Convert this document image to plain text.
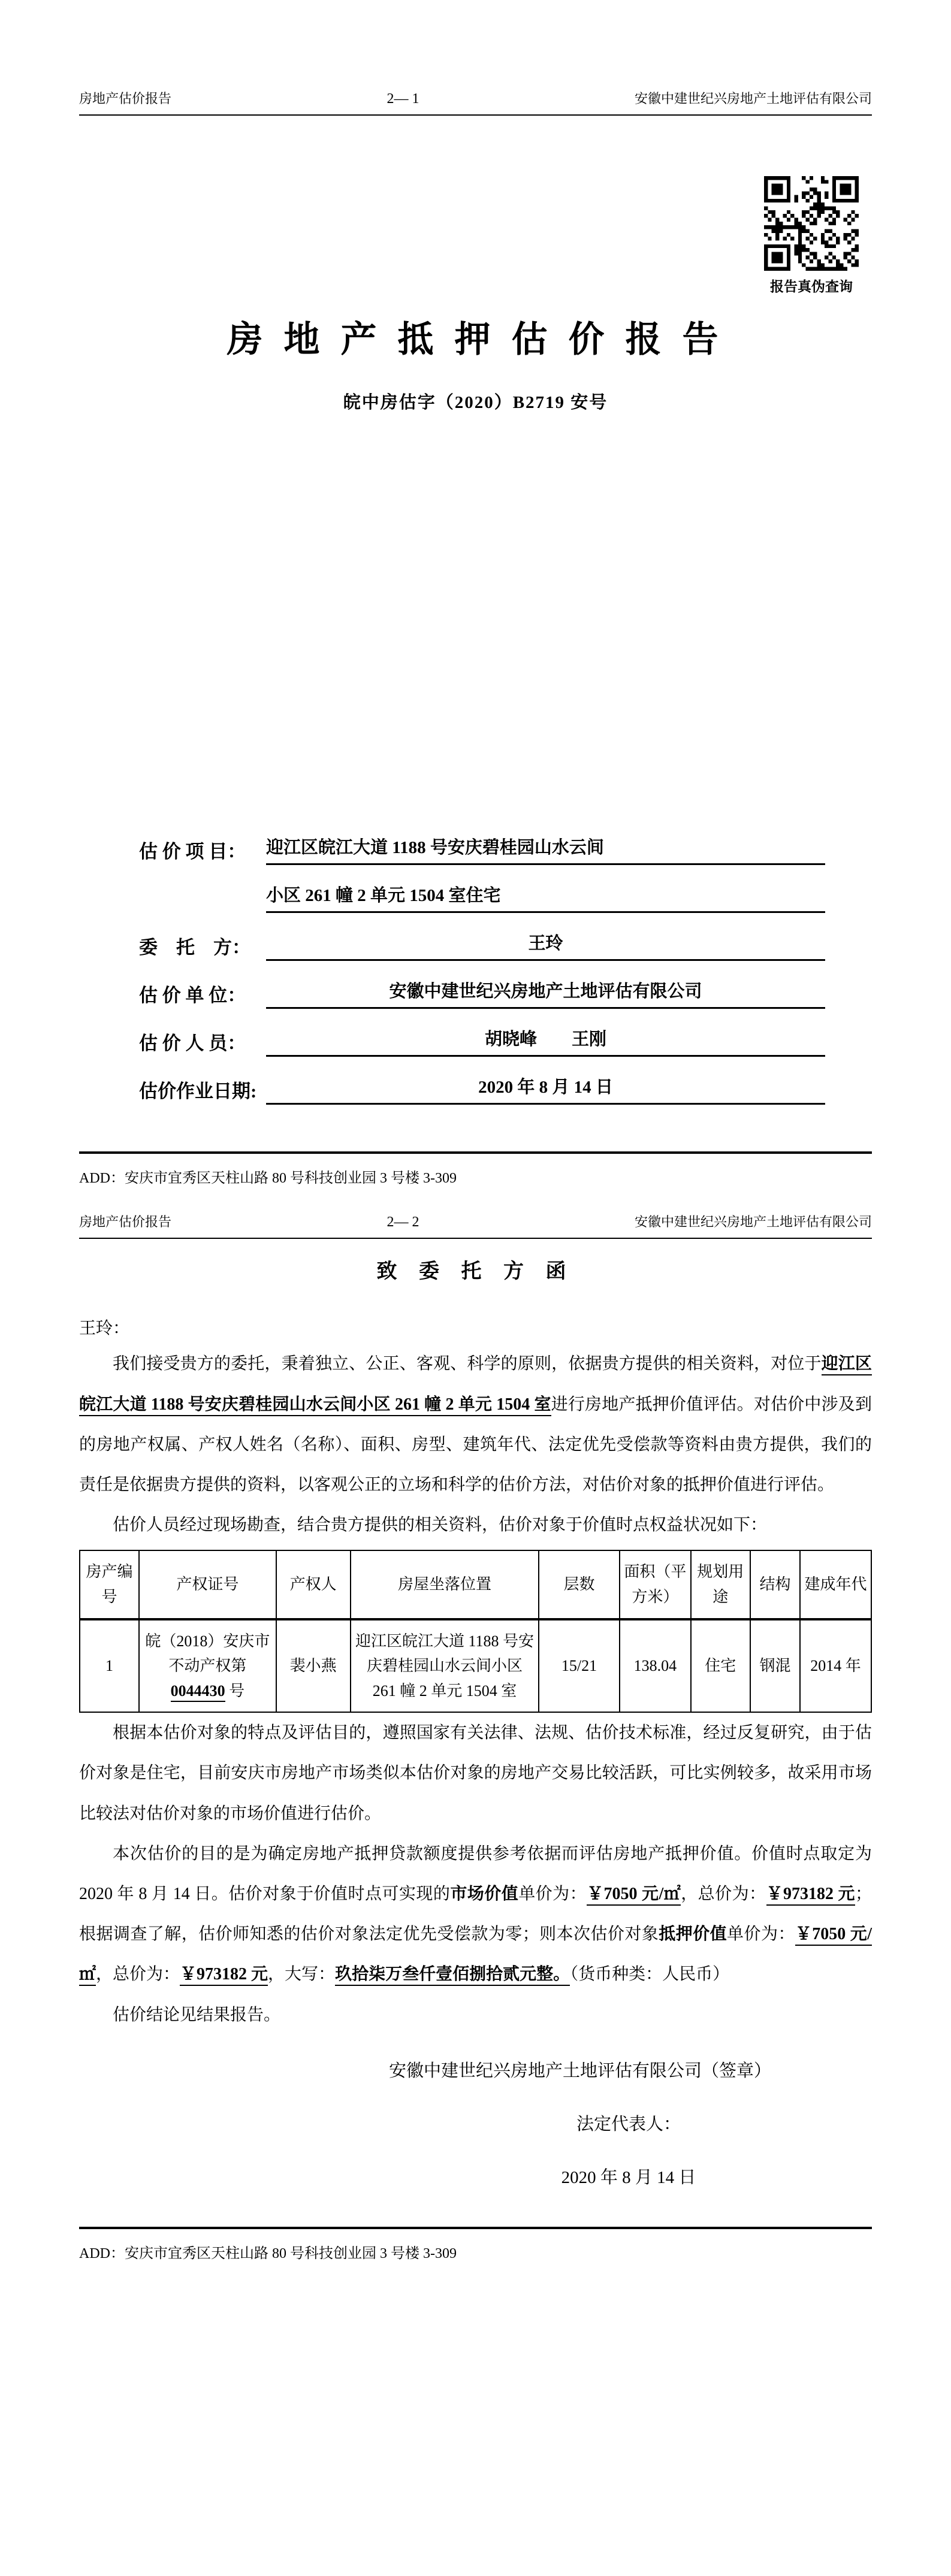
房地产估价报告	2— 1	安徽中建世纪兴房地产土地评估有限公司
报告真伪查询
房 地 产 抵 押 估 价 报 告
皖中房估字（2020）B2719 安号
估 价 项 目：	迎江区皖江大道 1188 号安庆碧桂园山水云间
小区 261 幢 2 单元 1504 室住宅
委　托　方：	王玲
估 价 单 位：	安徽中建世纪兴房地产土地评估有限公司
估 价 人 员：	胡晓峰　　王刚
估价作业日期:	2020 年 8 月 14 日
ADD：安庆市宜秀区天柱山路 80 号科技创业园 3 号楼 3-309
房地产估价报告	2— 2	安徽中建世纪兴房地产土地评估有限公司
致 委 托 方 函
王玲：

我们接受贵方的委托，秉着独立、公正、客观、科学的原则，依据贵方提供的相关资料，对位于迎江区皖江大道 1188 号安庆碧桂园山水云间小区 261 幢 2 单元 1504 室进行房地产抵押价值评估。对估价中涉及到的房地产权属、产权人姓名（名称）、面积、房型、建筑年代、法定优先受偿款等资料由贵方提供，我们的责任是依据贵方提供的资料，以客观公正的立场和科学的估价方法，对估价对象的抵押价值进行评估。

估价人员经过现场勘查，结合贵方提供的相关资料，估价对象于价值时点权益状况如下：

房产编号	产权证号	产权人	房屋坐落位置	层数	面积（平方米）	规划用途	结构	建成年代
1	皖（2018）安庆市不动产权第 0044430 号	裴小燕	迎江区皖江大道 1188 号安庆碧桂园山水云间小区 261 幢 2 单元 1504 室	15/21	138.04	住宅	钢混	2014 年

根据本估价对象的特点及评估目的，遵照国家有关法律、法规、估价技术标准，经过反复研究，由于估价对象是住宅，目前安庆市房地产市场类似本估价对象的房地产交易比较活跃，可比实例较多，故采用市场比较法对估价对象的市场价值进行估价。

本次估价的目的是为确定房地产抵押贷款额度提供参考依据而评估房地产抵押价值。价值时点取定为 2020 年 8 月 14 日。估价对象于价值时点可实现的市场价值单价为：￥7050 元/㎡，总价为：￥973182 元；根据调查了解，估价师知悉的估价对象法定优先受偿款为零；则本次估价对象抵押价值单价为：￥7050 元/㎡，总价为：￥973182 元，大写：玖拾柒万叁仟壹佰捌拾贰元整。（货币种类：人民币）

估价结论见结果报告。

安徽中建世纪兴房地产土地评估有限公司（签章）
法定代表人：
2020 年 8 月 14 日
ADD：安庆市宜秀区天柱山路 80 号科技创业园 3 号楼 3-309
